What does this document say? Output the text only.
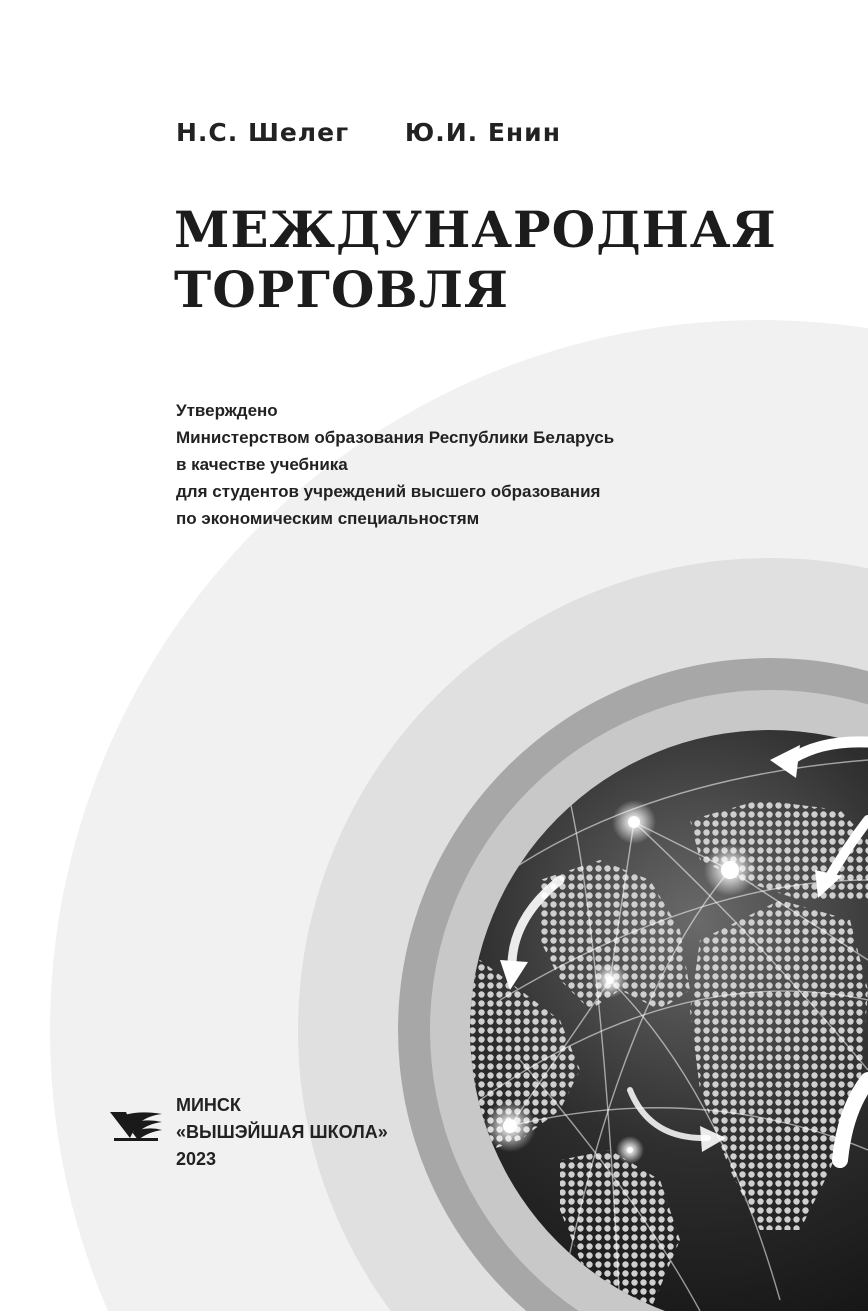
Н.С. Шелег Ю.И. Енин
МЕЖДУНАРОДНАЯ
ТОРГОВЛЯ
Утверждено
Министерством образования Республики Беларусь
в качестве учебника
для студентов учреждений высшего образования
по экономическим специальностям
МИНСК
«ВЫШЭЙШАЯ ШКОЛА»
2023
